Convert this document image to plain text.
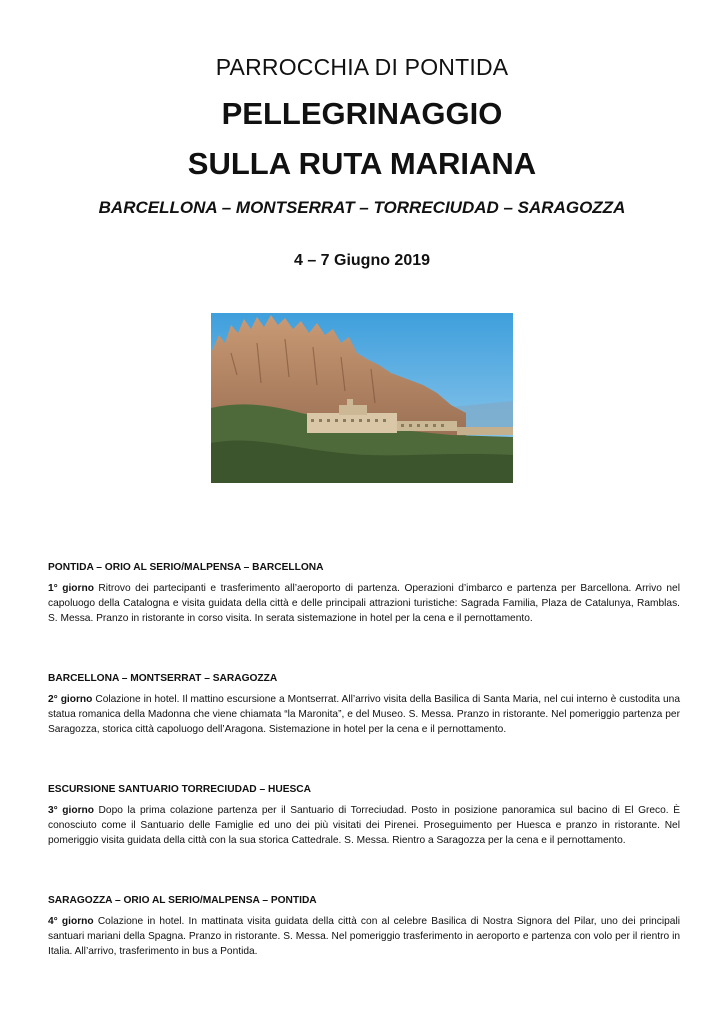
PARROCCHIA DI PONTIDA
PELLEGRINAGGIO
SULLA RUTA MARIANA
BARCELLONA – MONTSERRAT – TORRECIUDAD – SARAGOZZA
4 – 7 Giugno 2019
PONTIDA – ORIO AL SERIO/MALPENSA – BARCELLONA
1° giorno Ritrovo dei partecipanti e trasferimento all’aeroporto di partenza. Operazioni d’imbarco e partenza per Barcellona. Arrivo nel capoluogo della Catalogna e visita guidata della città e delle principali attrazioni turistiche: Sagrada Familia, Plaza de Catalunya, Ramblas. S. Messa. Pranzo in ristorante in corso visita. In serata sistemazione in hotel per la cena e il pernottamento.
BARCELLONA – MONTSERRAT – SARAGOZZA
2° giorno Colazione in hotel. Il mattino escursione a Montserrat. All’arrivo visita della Basilica di Santa Maria, nel cui interno è custodita una statua romanica della Madonna che viene chiamata “la Maronita”, e del Museo. S. Messa. Pranzo in ristorante. Nel pomeriggio partenza per Saragozza, storica città capoluogo dell’Aragona. Sistemazione in hotel per la cena e il pernottamento.
ESCURSIONE SANTUARIO TORRECIUDAD – HUESCA
3° giorno Dopo la prima colazione partenza per il Santuario di Torreciudad. Posto in posizione panoramica sul bacino di El Greco. È conosciuto come il Santuario delle Famiglie ed uno dei più visitati dei Pirenei. Proseguimento per Huesca e pranzo in ristorante. Nel pomeriggio visita guidata della città con la sua storica Cattedrale. S. Messa. Rientro a Saragozza per la cena e il pernottamento.
SARAGOZZA – ORIO AL SERIO/MALPENSA – PONTIDA
4° giorno Colazione in hotel. In mattinata visita guidata della città con al celebre Basilica di Nostra Signora del Pilar, uno dei principali santuari mariani della Spagna. Pranzo in ristorante. S. Messa. Nel pomeriggio trasferimento in aeroporto e partenza con volo per il rientro in Italia. All’arrivo, trasferimento in bus a Pontida.
